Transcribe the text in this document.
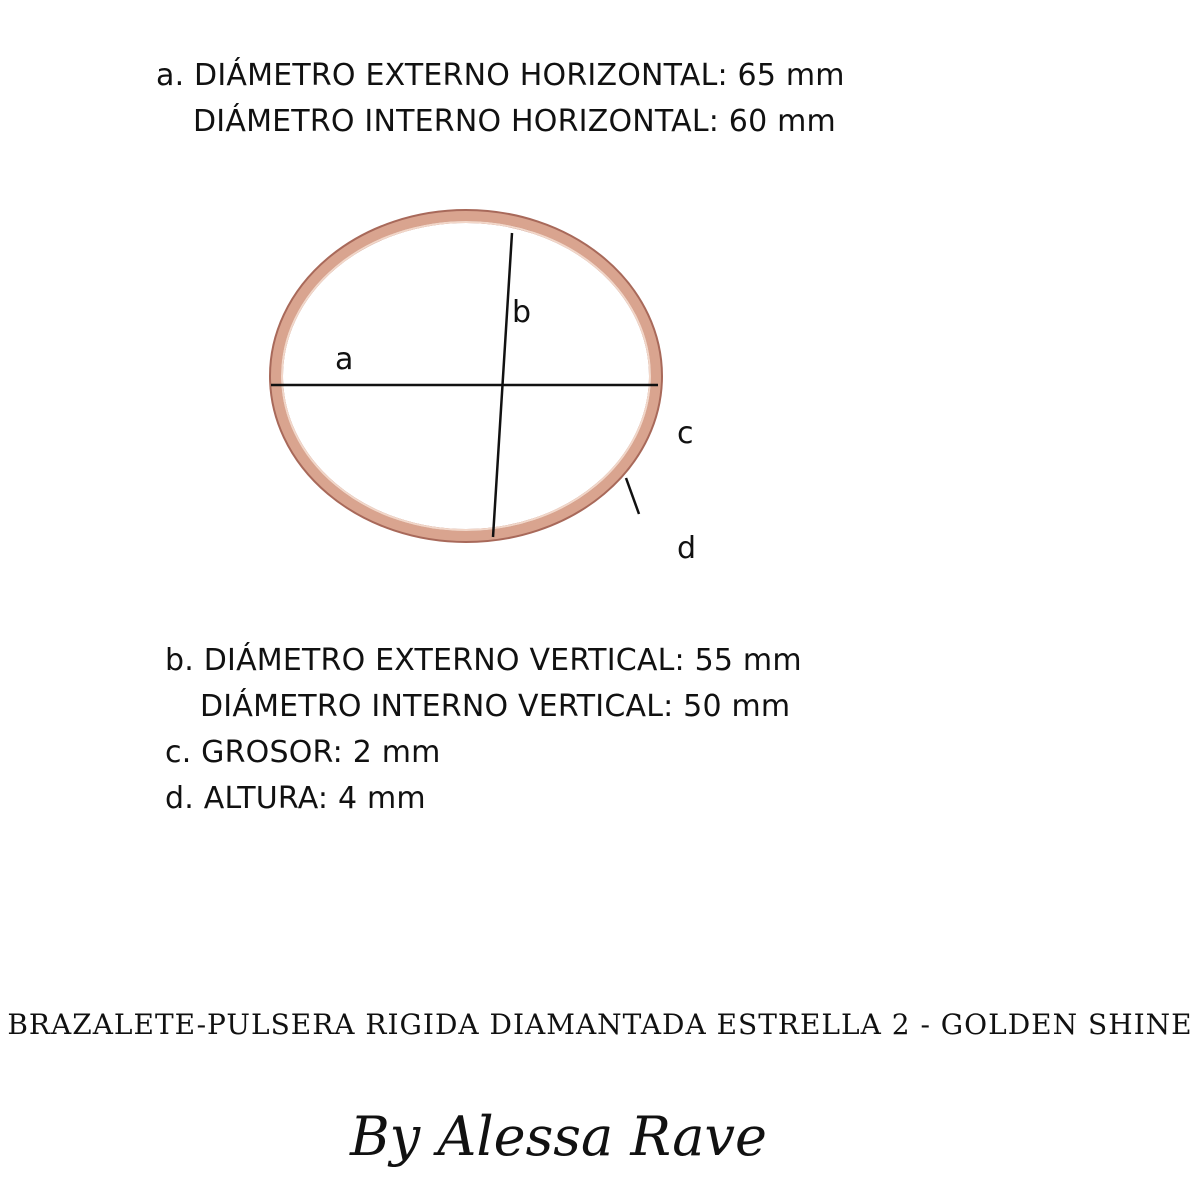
a. DIÁMETRO EXTERNO HORIZONTAL: 65 mm
DIÁMETRO INTERNO HORIZONTAL: 60 mm
a
b
c
d
b. DIÁMETRO EXTERNO VERTICAL: 55 mm
DIÁMETRO INTERNO VERTICAL: 50 mm
c. GROSOR: 2 mm
d. ALTURA: 4 mm
BRAZALETE-PULSERA RIGIDA DIAMANTADA ESTRELLA 2 - GOLDEN SHINE
By Alessa Rave
